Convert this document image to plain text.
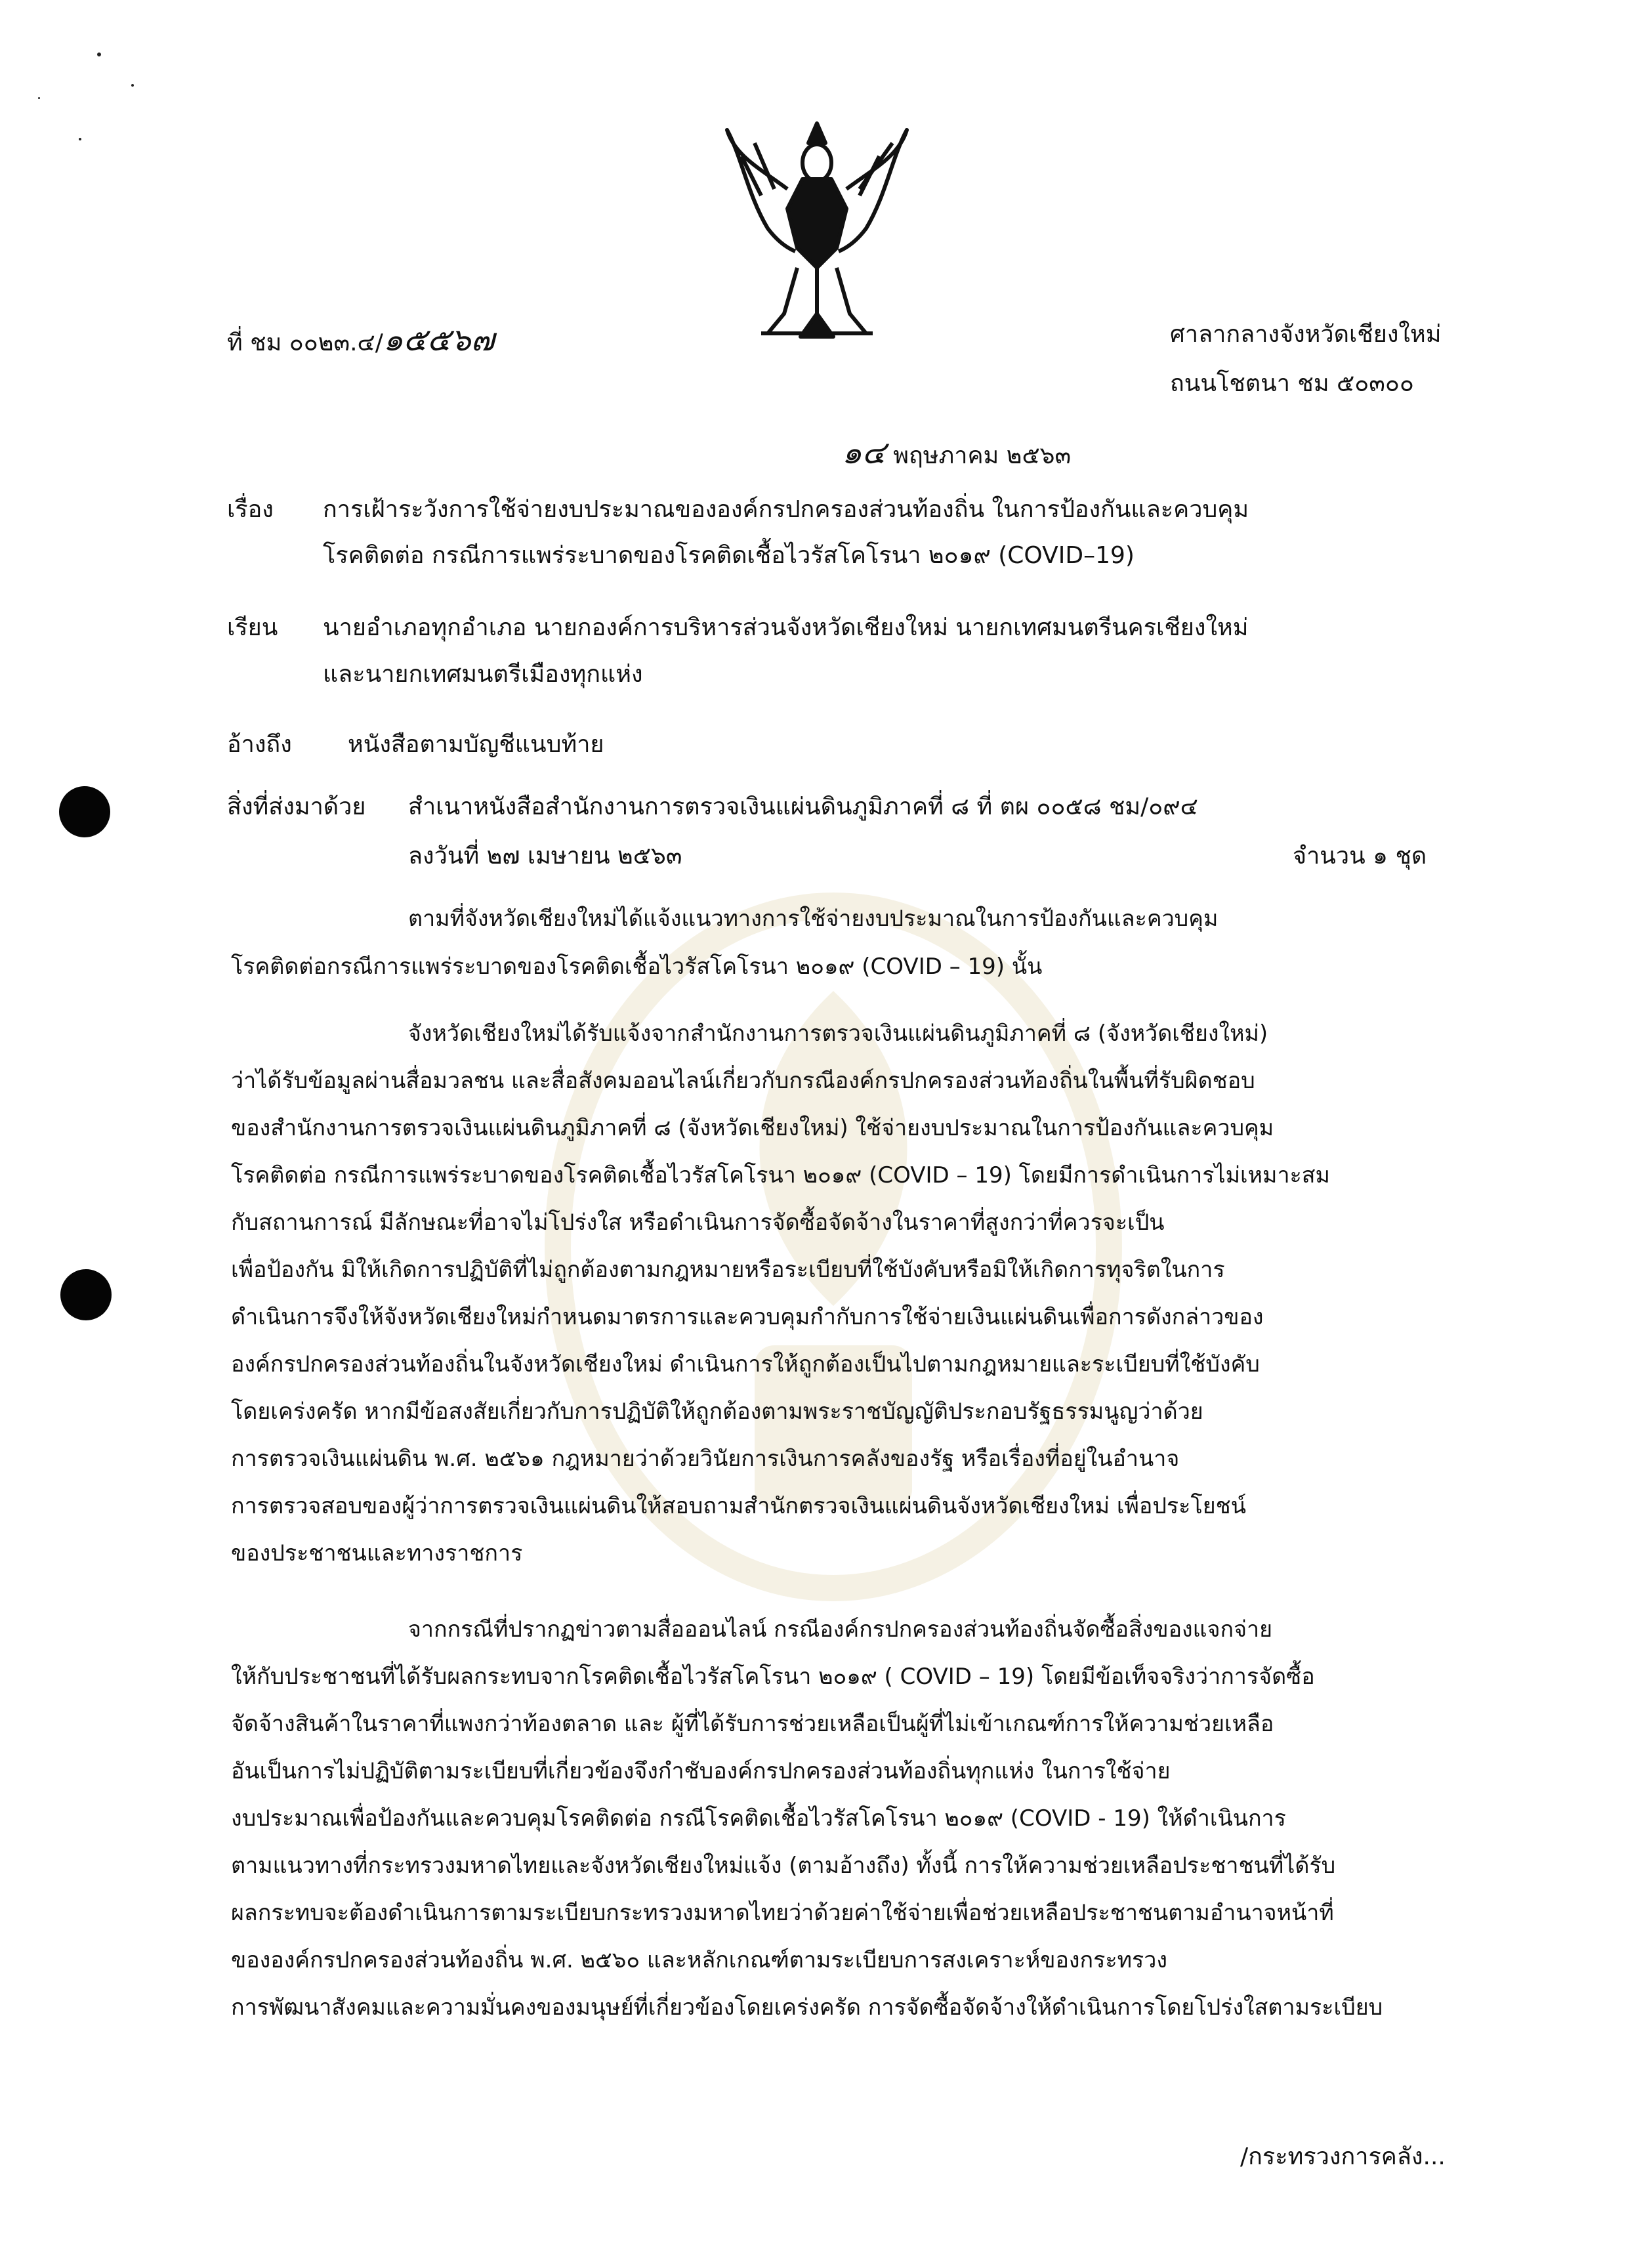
ที่ ชม ๐๐๒๓.๔/๑๕๕๖๗	ศาลากลางจังหวัดเชียงใหม่
ถนนโชตนา ชม ๕๐๓๐๐
๑๔ พฤษภาคม ๒๕๖๓
เรื่อง การเฝ้าระวังการใช้จ่ายงบประมาณขององค์กรปกครองส่วนท้องถิ่น ในการป้องกันและควบคุม
โรคติดต่อ กรณีการแพร่ระบาดของโรคติดเชื้อไวรัสโคโรนา ๒๐๑๙ (COVID–19)
เรียน นายอำเภอทุกอำเภอ นายกองค์การบริหารส่วนจังหวัดเชียงใหม่ นายกเทศมนตรีนครเชียงใหม่
และนายกเทศมนตรีเมืองทุกแห่ง
อ้างถึง หนังสือตามบัญชีแนบท้าย
สิ่งที่ส่งมาด้วย สำเนาหนังสือสำนักงานการตรวจเงินแผ่นดินภูมิภาคที่ ๘ ที่ ตผ ๐๐๕๘ ชม/๐๙๔
ลงวันที่ ๒๗ เมษายน ๒๕๖๓	จำนวน ๑ ชุด
ตามที่จังหวัดเชียงใหม่ได้แจ้งแนวทางการใช้จ่ายงบประมาณในการป้องกันและควบคุม
โรคติดต่อกรณีการแพร่ระบาดของโรคติดเชื้อไวรัสโคโรนา ๒๐๑๙ (COVID – 19) นั้น
จังหวัดเชียงใหม่ได้รับแจ้งจากสำนักงานการตรวจเงินแผ่นดินภูมิภาคที่ ๘ (จังหวัดเชียงใหม่)
ว่าได้รับข้อมูลผ่านสื่อมวลชน และสื่อสังคมออนไลน์เกี่ยวกับกรณีองค์กรปกครองส่วนท้องถิ่นในพื้นที่รับผิดชอบ
ของสำนักงานการตรวจเงินแผ่นดินภูมิภาคที่ ๘ (จังหวัดเชียงใหม่) ใช้จ่ายงบประมาณในการป้องกันและควบคุม
โรคติดต่อ กรณีการแพร่ระบาดของโรคติดเชื้อไวรัสโคโรนา ๒๐๑๙ (COVID – 19) โดยมีการดำเนินการไม่เหมาะสม
กับสถานการณ์ มีลักษณะที่อาจไม่โปร่งใส หรือดำเนินการจัดซื้อจัดจ้างในราคาที่สูงกว่าที่ควรจะเป็น
เพื่อป้องกัน มิให้เกิดการปฏิบัติที่ไม่ถูกต้องตามกฎหมายหรือระเบียบที่ใช้บังคับหรือมิให้เกิดการทุจริตในการ
ดำเนินการจึงให้จังหวัดเชียงใหม่กำหนดมาตรการและควบคุมกำกับการใช้จ่ายเงินแผ่นดินเพื่อการดังกล่าวของ
องค์กรปกครองส่วนท้องถิ่นในจังหวัดเชียงใหม่ ดำเนินการให้ถูกต้องเป็นไปตามกฎหมายและระเบียบที่ใช้บังคับ
โดยเคร่งครัด หากมีข้อสงสัยเกี่ยวกับการปฏิบัติให้ถูกต้องตามพระราชบัญญัติประกอบรัฐธรรมนูญว่าด้วย
การตรวจเงินแผ่นดิน พ.ศ. ๒๕๖๑ กฎหมายว่าด้วยวินัยการเงินการคลังของรัฐ หรือเรื่องที่อยู่ในอำนาจ
การตรวจสอบของผู้ว่าการตรวจเงินแผ่นดินให้สอบถามสำนักตรวจเงินแผ่นดินจังหวัดเชียงใหม่ เพื่อประโยชน์
ของประชาชนและทางราชการ
จากกรณีที่ปรากฏข่าวตามสื่อออนไลน์ กรณีองค์กรปกครองส่วนท้องถิ่นจัดซื้อสิ่งของแจกจ่าย
ให้กับประชาชนที่ได้รับผลกระทบจากโรคติดเชื้อไวรัสโคโรนา ๒๐๑๙ ( COVID – 19) โดยมีข้อเท็จจริงว่าการจัดซื้อ
จัดจ้างสินค้าในราคาที่แพงกว่าท้องตลาด และ ผู้ที่ได้รับการช่วยเหลือเป็นผู้ที่ไม่เข้าเกณฑ์การให้ความช่วยเหลือ
อันเป็นการไม่ปฏิบัติตามระเบียบที่เกี่ยวข้องจึงกำชับองค์กรปกครองส่วนท้องถิ่นทุกแห่ง ในการใช้จ่าย
งบประมาณเพื่อป้องกันและควบคุมโรคติดต่อ กรณีโรคติดเชื้อไวรัสโคโรนา ๒๐๑๙ (COVID - 19) ให้ดำเนินการ
ตามแนวทางที่กระทรวงมหาดไทยและจังหวัดเชียงใหม่แจ้ง (ตามอ้างถึง) ทั้งนี้ การให้ความช่วยเหลือประชาชนที่ได้รับ
ผลกระทบจะต้องดำเนินการตามระเบียบกระทรวงมหาดไทยว่าด้วยค่าใช้จ่ายเพื่อช่วยเหลือประชาชนตามอำนาจหน้าที่
ขององค์กรปกครองส่วนท้องถิ่น พ.ศ. ๒๕๖๐ และหลักเกณฑ์ตามระเบียบการสงเคราะห์ของกระทรวง
การพัฒนาสังคมและความมั่นคงของมนุษย์ที่เกี่ยวข้องโดยเคร่งครัด การจัดซื้อจัดจ้างให้ดำเนินการโดยโปร่งใสตามระเบียบ
/กระทรวงการคลัง...
